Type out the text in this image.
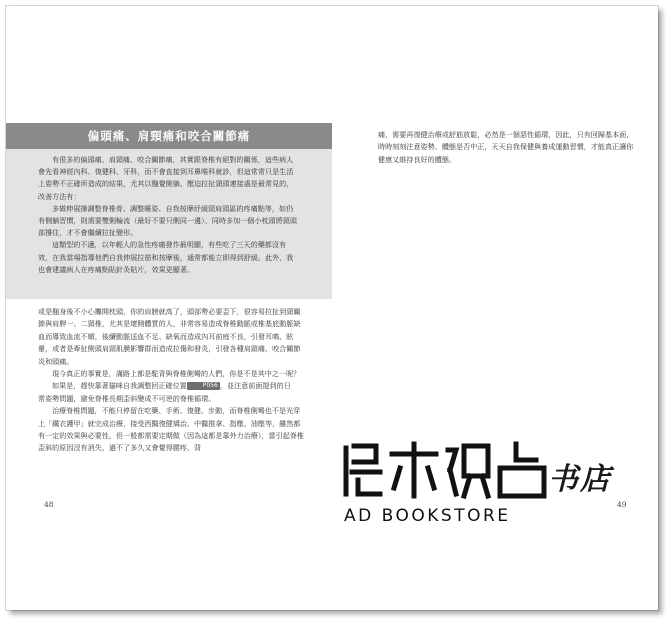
偏頭痛、肩頸痛和咬合關節痛

有很多的偏頭痛、肩頸痛、咬合關節痛，其實跟脊椎有絕對的關係，這些病人會先看神經內科、復健科、牙科，而不會直接到耳鼻喉科就診，但這常常只是生活上姿勢不正確所造成的結果，尤其以翹覺側躺、壓迫拉扯頸頭連接處是最常見的，改善方法有：

多做伸展操調整脊椎骨、調整睡姿、自我按摩紓緩頸肩頭區的疼痛點等，如仍有側躺習慣，則需要雙側輪流（最好不要只側同一邊），同時多加一個小枕頭將頸頭部撐住，才不會繼續拉扯變形。

這類型的不適，以年輕人的急性疼痛發作最明顯，有些吃了三天的藥都沒有效，在我當場指導他們自我伸展拉筋和按摩後，通常都能立即得到舒緩。此外，我也會建議病人在疼痛點貼針灸貼片，效果更顯著。

或是翹身後不小心攤開枕頭，你的肩膀就高了，頭部勢必要歪下，很容易拉扯到頸關節與肩胛一、二頸椎，尤其是壞側體質的人，非常容易造成脊椎動脈或椎基底動脈缺血而導致血流不順，後續動脈送血不足、缺氧而造成內耳前庭不良，引發耳鳴、眩暈，或者是牽扯側頭肩頸肌膜影響群而造成拉傷和發炎，引發各種肩頸痛、咬合關節炎和頭痛。

現今真正的事實是，滿路上都是駝背與脊椎側彎的人們，你是不是其中之一呢？

如果是，趕快靠著貓咪自我調整回正確位置	P056 ，並注意前面提到的日

常姿勢問題，避免脊椎長期歪斜變成不可逆的脊椎循環。

治療脊椎問題，不能只停留在吃藥、手術、復健、步動，而脊椎側彎也不是光穿上「鐵衣護甲」就完成治療，接受西醫復健矯治、中醫推拿、指壓、油壓等，雖然都有一定的效果與必要性，但一般都需要定期做（因為這都是靠外力治療），當引起脊椎歪斜的原因沒有消失，過不了多久又會覺得腰疼、背

48

痛，需要再復健治療或舒筋放鬆，必然是一個惡性循環，因此，只有回歸基本面，時時刻刻注意姿勢、體態是否中正，天天自我保健與養成運動習慣，才能真正讓你健康又維持良好的體態。

49
书店
AD BOOKSTORE
